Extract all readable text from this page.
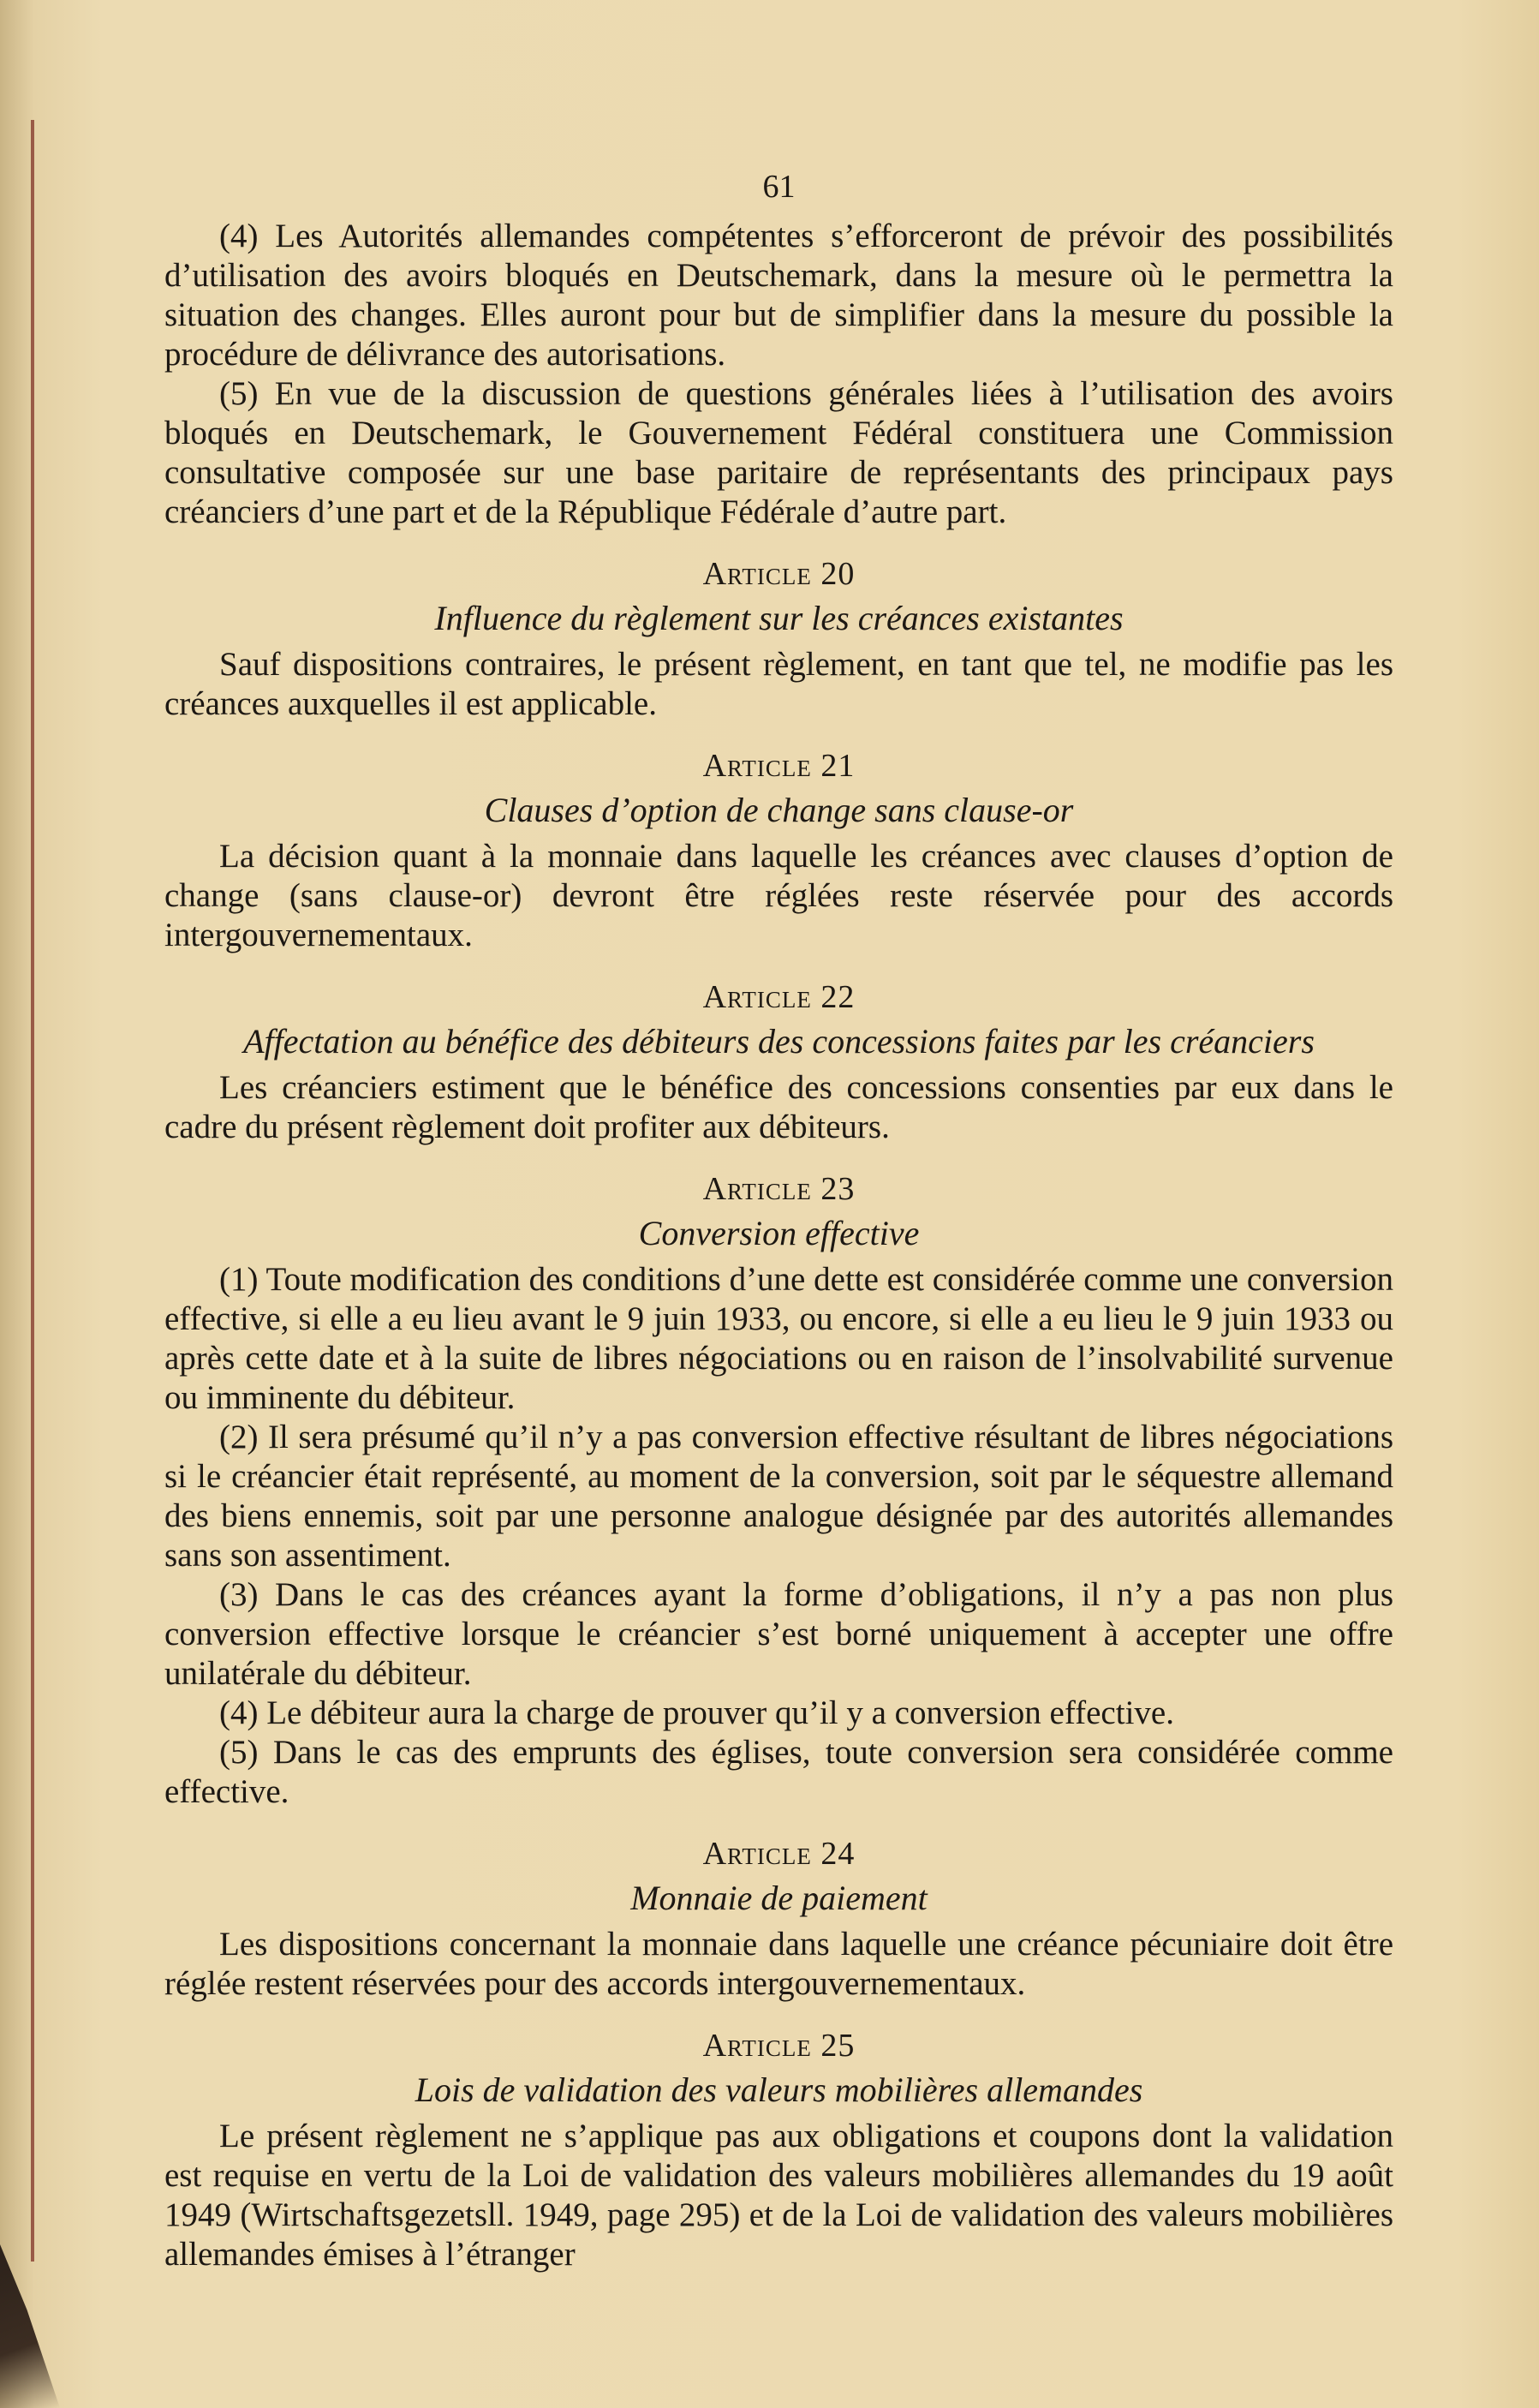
61

(4) Les Autorités allemandes compétentes s’efforceront de prévoir des possibilités d’utilisation des avoirs bloqués en Deutschemark, dans la mesure où le permettra la situation des changes. Elles auront pour but de simplifier dans la mesure du possible la procédure de délivrance des autorisations.

(5) En vue de la discussion de questions générales liées à l’utilisation des avoirs bloqués en Deutschemark, le Gouvernement Fédéral constituera une Commission consultative composée sur une base paritaire de représentants des principaux pays créanciers d’une part et de la République Fédérale d’autre part.

Article 20
Influence du règlement sur les créances existantes

Sauf dispositions contraires, le présent règlement, en tant que tel, ne modifie pas les créances auxquelles il est applicable.

Article 21
Clauses d’option de change sans clause-or

La décision quant à la monnaie dans laquelle les créances avec clauses d’option de change (sans clause-or) devront être réglées reste réservée pour des accords intergouvernementaux.

Article 22
Affectation au bénéfice des débiteurs des concessions faites par les créanciers

Les créanciers estiment que le bénéfice des concessions consenties par eux dans le cadre du présent règlement doit profiter aux débiteurs.

Article 23
Conversion effective

(1) Toute modification des conditions d’une dette est considérée comme une conversion effective, si elle a eu lieu avant le 9 juin 1933, ou encore, si elle a eu lieu le 9 juin 1933 ou après cette date et à la suite de libres négociations ou en raison de l’insolvabilité survenue ou imminente du débiteur.

(2) Il sera présumé qu’il n’y a pas conversion effective résultant de libres négociations si le créancier était représenté, au moment de la conversion, soit par le séquestre allemand des biens ennemis, soit par une personne analogue désignée par des autorités allemandes sans son assentiment.

(3) Dans le cas des créances ayant la forme d’obligations, il n’y a pas non plus conversion effective lorsque le créancier s’est borné uniquement à accepter une offre unilatérale du débiteur.

(4) Le débiteur aura la charge de prouver qu’il y a conversion effective.

(5) Dans le cas des emprunts des églises, toute conversion sera considérée comme effective.

Article 24
Monnaie de paiement

Les dispositions concernant la monnaie dans laquelle une créance pécuniaire doit être réglée restent réservées pour des accords intergouvernementaux.

Article 25
Lois de validation des valeurs mobilières allemandes

Le présent règlement ne s’applique pas aux obligations et coupons dont la validation est requise en vertu de la Loi de validation des valeurs mobilières allemandes du 19 août 1949 (Wirtschaftsgezetsll. 1949, page 295) et de la Loi de validation des valeurs mobilières allemandes émises à l’étranger
